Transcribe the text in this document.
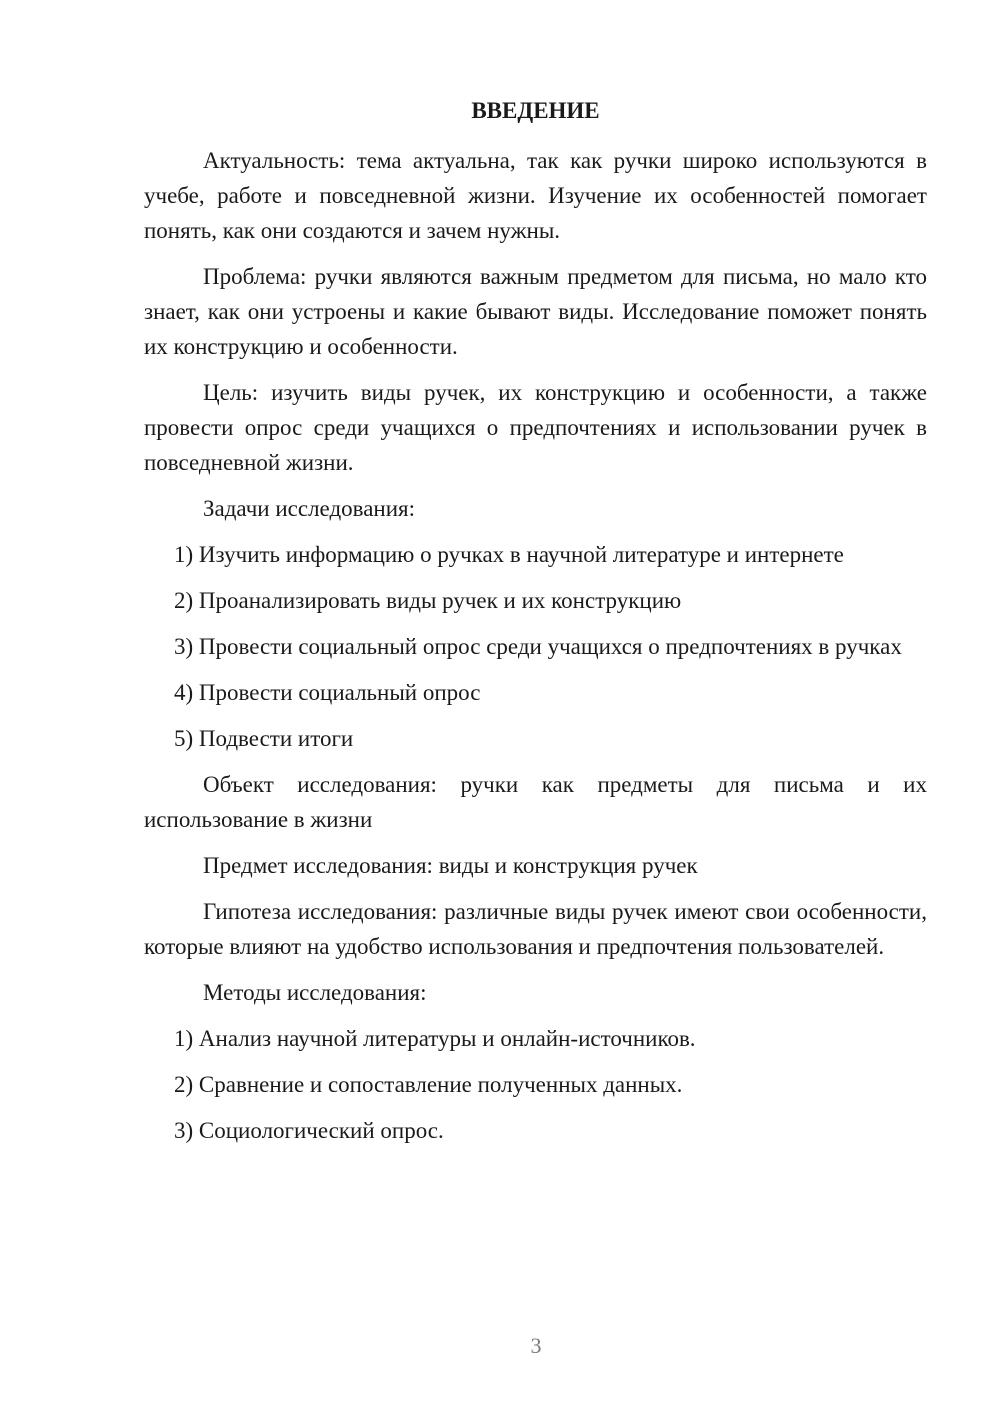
ВВЕДЕНИЕ
Актуальность: тема актуальна, так как ручки широко используются в учебе, работе и повседневной жизни. Изучение их особенностей помогает понять, как они создаются и зачем нужны.
Проблема: ручки являются важным предметом для письма, но мало кто знает, как они устроены и какие бывают виды. Исследование поможет понять их конструкцию и особенности.
Цель: изучить виды ручек, их конструкцию и особенности, а также провести опрос среди учащихся о предпочтениях и использовании ручек в повседневной жизни.
Задачи исследования:
1) Изучить информацию о ручках в научной литературе и интернете
2) Проанализировать виды ручек и их конструкцию
3) Провести социальный опрос среди учащихся о предпочтениях в ручках
4) Провести социальный опрос
5) Подвести итоги
Объект исследования: ручки как предметы для письма и их использование в жизни
Предмет исследования: виды и конструкция ручек
Гипотеза исследования: различные виды ручек имеют свои особенности, которые влияют на удобство использования и предпочтения пользователей.
Методы исследования:
1) Анализ научной литературы и онлайн-источников.
2) Сравнение и сопоставление полученных данных.
3) Социологический опрос.
3
